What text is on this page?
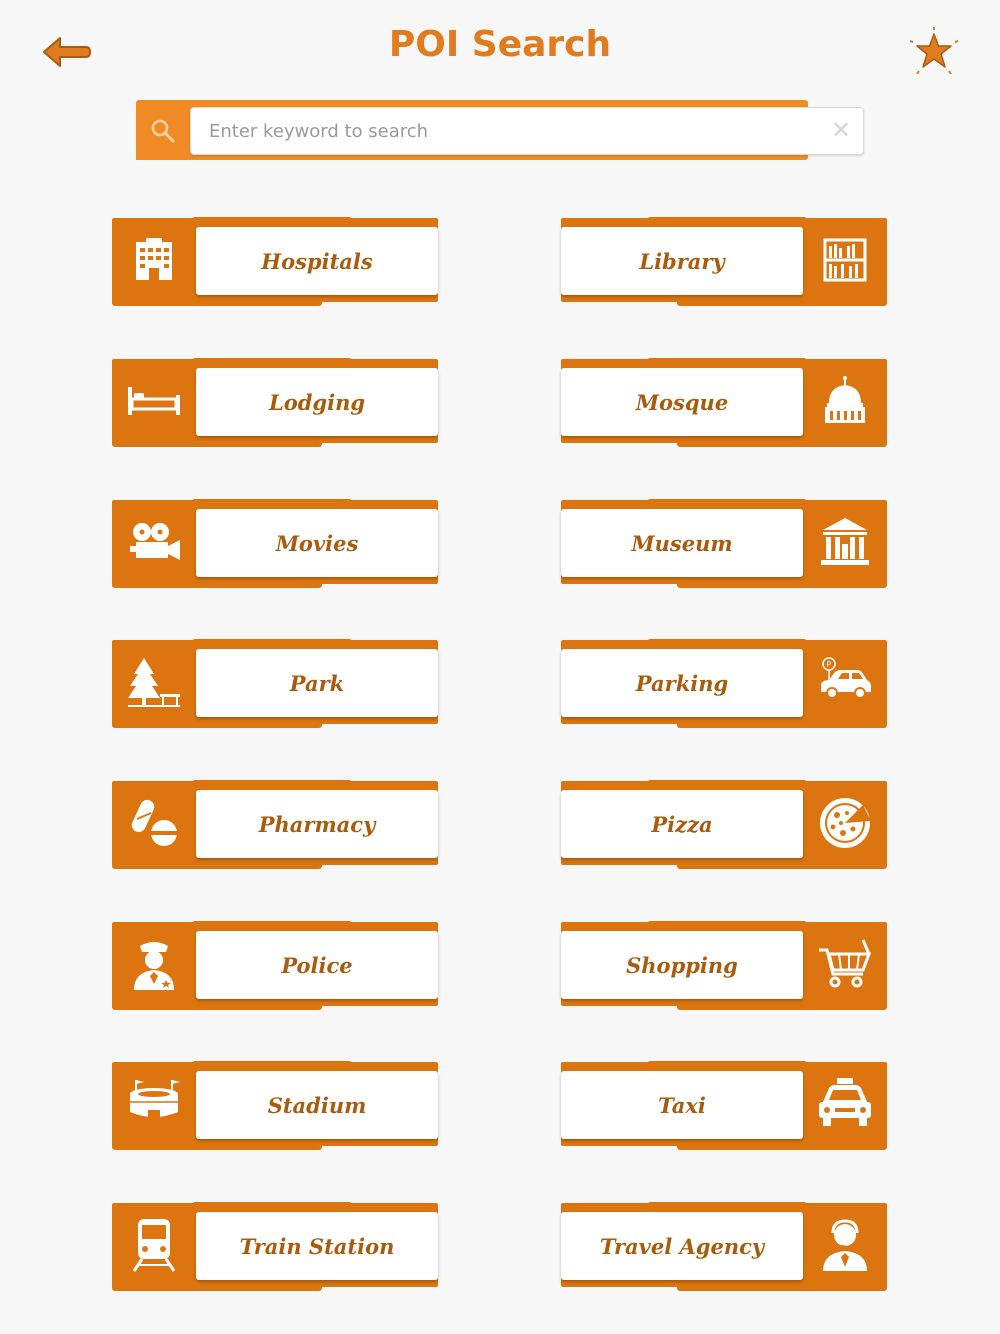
POI Search
Enter keyword to search
✕
Hospitals	Library
Lodging	Mosque
Movies	Museum
Park	Parking
P
Pharmacy	Pizza
Police	Shopping
Stadium	Taxi
Train Station	Travel Agency
